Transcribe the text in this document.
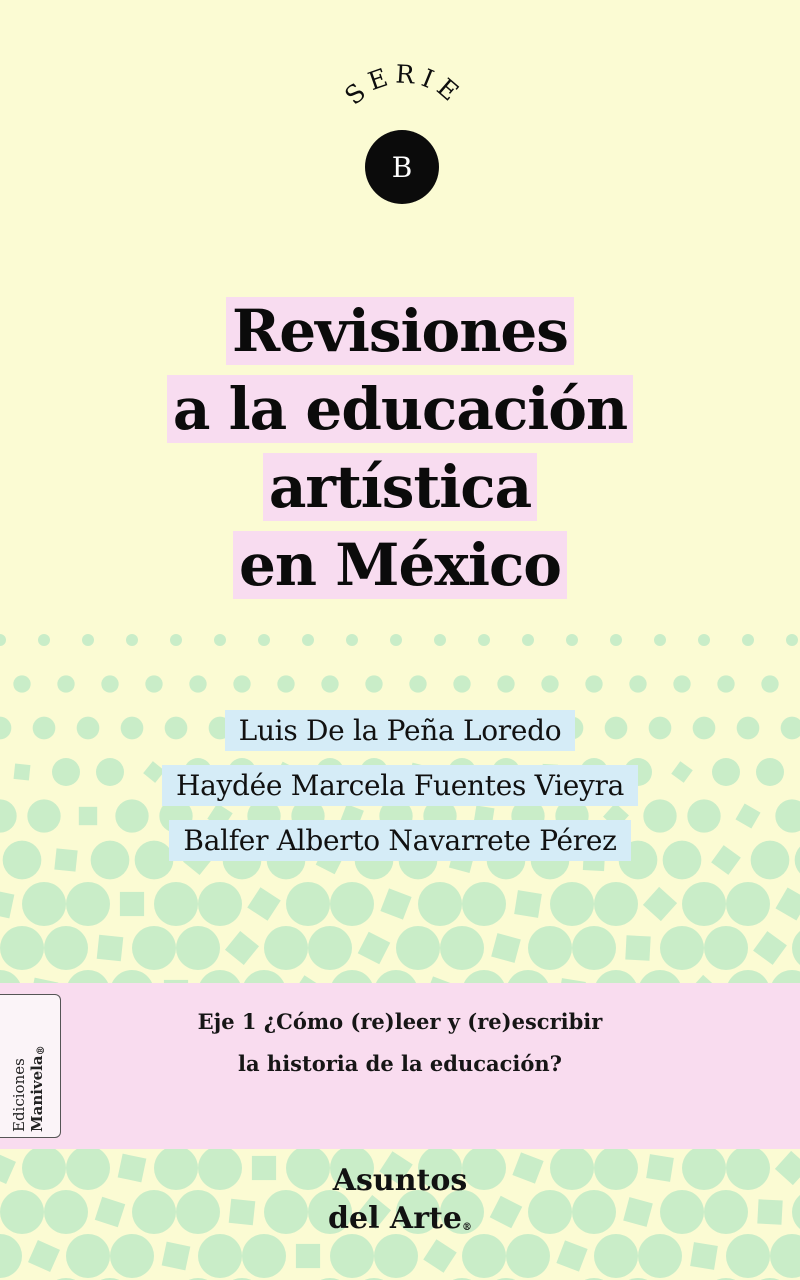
SERIE
B
Revisiones
a la educación
artística
en México
Luis De la Peña Loredo
Haydée Marcela Fuentes Vieyra
Balfer Alberto Navarrete Pérez
Eje 1 ¿Cómo (re)leer y (re)escribir
la historia de la educación?
Ediciones Manivela®
Asuntos
del Arte®
